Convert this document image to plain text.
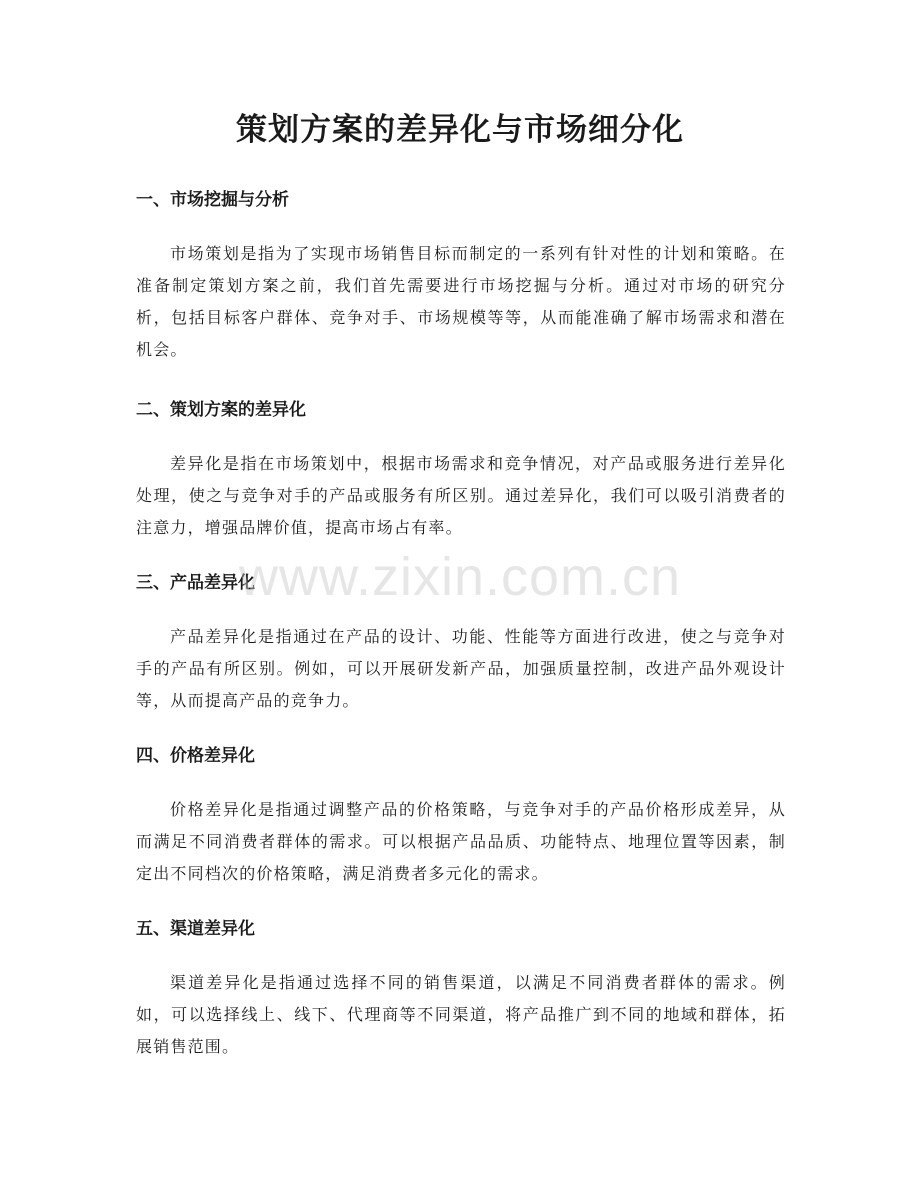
策划方案的差异化与市场细分化
一、市场挖掘与分析

市场策划是指为了实现市场销售目标而制定的一系列有针对性的计划和策略。在准备制定策划方案之前，我们首先需要进行市场挖掘与分析。通过对市场的研究分析，包括目标客户群体、竞争对手、市场规模等等，从而能准确了解市场需求和潜在机会。

二、策划方案的差异化

差异化是指在市场策划中，根据市场需求和竞争情况，对产品或服务进行差异化处理，使之与竞争对手的产品或服务有所区别。通过差异化，我们可以吸引消费者的注意力，增强品牌价值，提高市场占有率。

三、产品差异化

产品差异化是指通过在产品的设计、功能、性能等方面进行改进，使之与竞争对手的产品有所区别。例如，可以开展研发新产品，加强质量控制，改进产品外观设计等，从而提高产品的竞争力。

四、价格差异化

价格差异化是指通过调整产品的价格策略，与竞争对手的产品价格形成差异，从而满足不同消费者群体的需求。可以根据产品品质、功能特点、地理位置等因素，制定出不同档次的价格策略，满足消费者多元化的需求。

五、渠道差异化

渠道差异化是指通过选择不同的销售渠道，以满足不同消费者群体的需求。例如，可以选择线上、线下、代理商等不同渠道，将产品推广到不同的地域和群体，拓展销售范围。

www.zixin.com.cn
